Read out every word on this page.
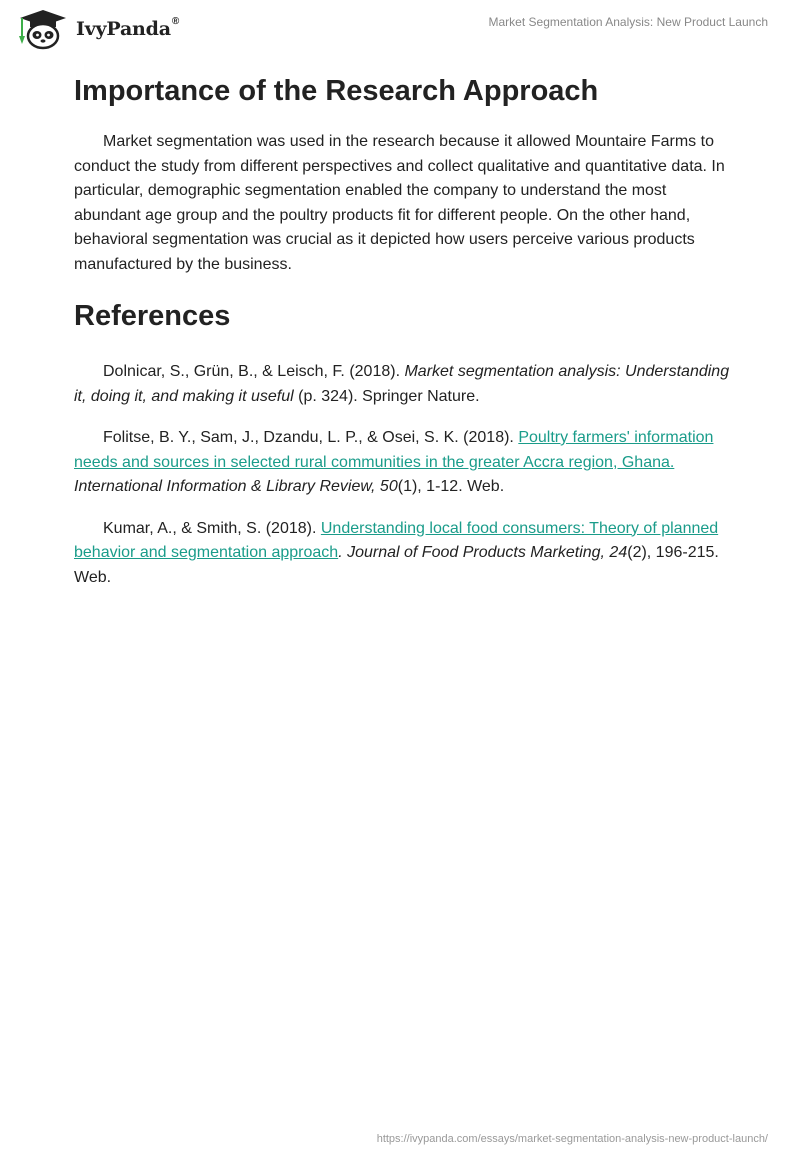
IvyPanda®	Market Segmentation Analysis: New Product Launch
Importance of the Research Approach

Market segmentation was used in the research because it allowed Mountaire Farms to conduct the study from different perspectives and collect qualitative and quantitative data. In particular, demographic segmentation enabled the company to understand the most abundant age group and the poultry products fit for different people. On the other hand, behavioral segmentation was crucial as it depicted how users perceive various products manufactured by the business.

References

Dolnicar, S., Grün, B., & Leisch, F. (2018). Market segmentation analysis: Understanding it, doing it, and making it useful (p. 324). Springer Nature.

Folitse, B. Y., Sam, J., Dzandu, L. P., & Osei, S. K. (2018). Poultry farmers' information needs and sources in selected rural communities in the greater Accra region, Ghana. International Information & Library Review, 50(1), 1-12. Web.

Kumar, A., & Smith, S. (2018). Understanding local food consumers: Theory of planned behavior and segmentation approach. Journal of Food Products Marketing, 24(2), 196-215. Web.

https://ivypanda.com/essays/market-segmentation-analysis-new-product-launch/
